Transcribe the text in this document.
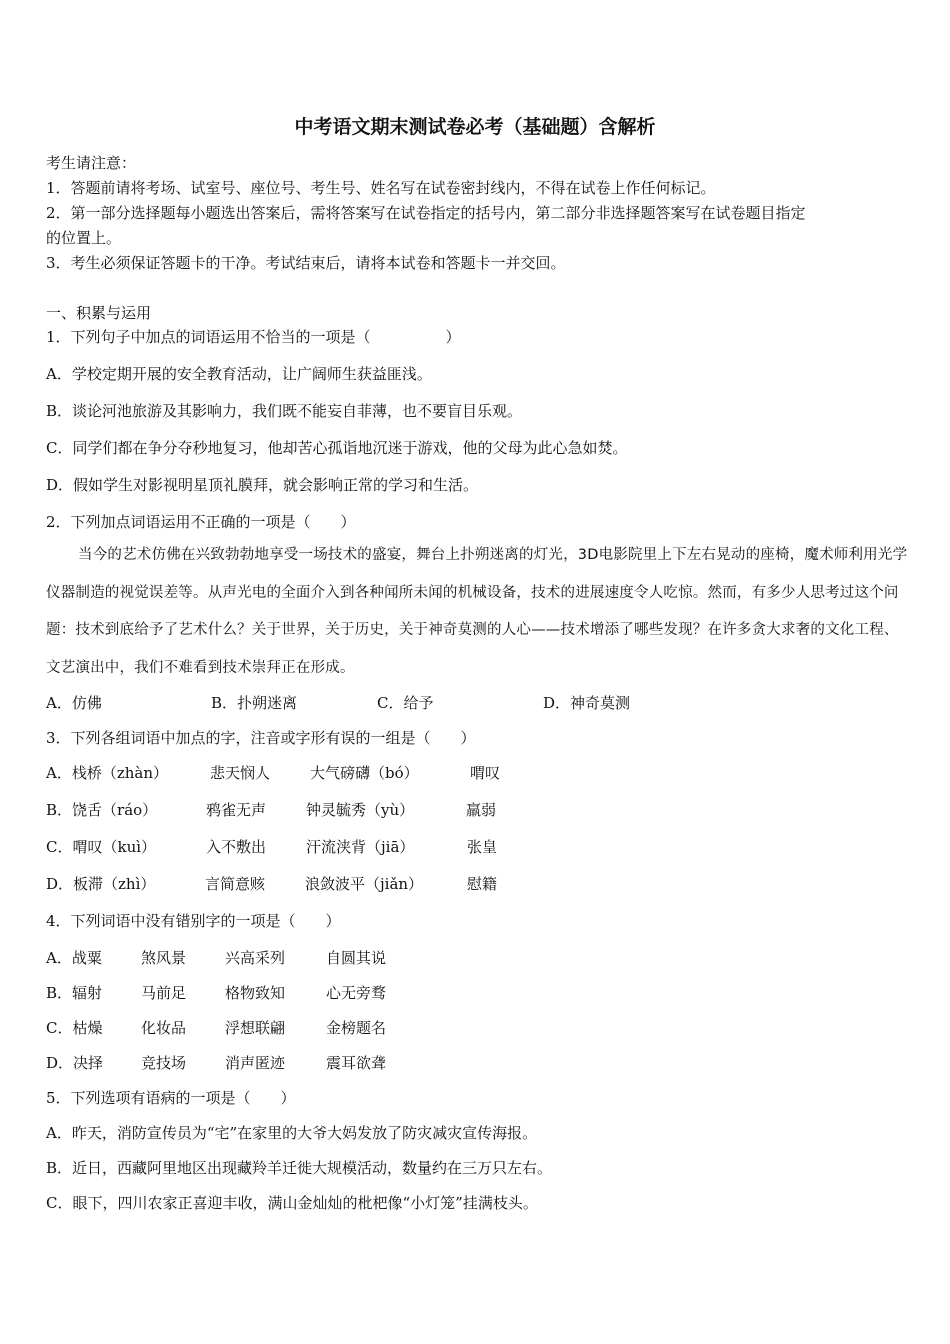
中考语文期末测试卷必考（基础题）含解析
考生请注意：
1．答题前请将考场、试室号、座位号、考生号、姓名写在试卷密封线内，不得在试卷上作任何标记。
2．第一部分选择题每小题选出答案后，需将答案写在试卷指定的括号内，第二部分非选择题答案写在试卷题目指定
的位置上。
3．考生必须保证答题卡的干净。考试结束后，请将本试卷和答题卡一并交回。
一、积累与运用
1．下列句子中加点的词语运用不恰当的一项是（　　　　　）
A．学校定期开展的安全教育活动，让广阔师生获益匪浅。
B．谈论河池旅游及其影响力，我们既不能妄自菲薄，也不要盲目乐观。
C．同学们都在争分夺秒地复习，他却苦心孤诣地沉迷于游戏，他的父母为此心急如焚。
D．假如学生对影视明星顶礼膜拜，就会影响正常的学习和生活。
2．下列加点词语运用不正确的一项是（　　）
当今的艺术仿佛在兴致勃勃地享受一场技术的盛宴，舞台上扑朔迷离的灯光，3D电影院里上下左右晃动的座椅，魔术师利用光学仪器制造的视觉误差等。从声光电的全面介入到各种闻所未闻的机械设备，技术的进展速度令人吃惊。然而，有多少人思考过这个问题：技术到底给予了艺术什么？关于世界，关于历史，关于神奇莫测的人心——技术增添了哪些发现？在许多贪大求奢的文化工程、文艺演出中，我们不难看到技术崇拜正在形成。
A．仿佛	B．扑朔迷离	C．给予	D．神奇莫测
3．下列各组词语中加点的字，注音或字形有误的一组是（　　）
A．栈桥（zhàn）	悲天悯人	大气磅礴（bó）	喟叹
B．饶舌（ráo）	鸦雀无声	钟灵毓秀（yù）	羸弱
C．喟叹（kuì）	入不敷出	汗流浃背（jiā）	张皇
D．板滞（zhì）	言简意赅	浪敛波平（jiǎn）	慰籍
4．下列词语中没有错别字的一项是（　　）
A．战粟	煞风景	兴高采列	自圆其说
B．辐射	马前足	格物致知	心无旁骛
C．枯燥	化妆品	浮想联翩	金榜题名
D．决择	竞技场	消声匿迹	震耳欲聋
5．下列选项有语病的一项是（　　）
A．昨天，消防宣传员为“宅”在家里的大爷大妈发放了防灾减灾宣传海报。
B．近日，西藏阿里地区出现藏羚羊迁徙大规模活动，数量约在三万只左右。
C．眼下，四川农家正喜迎丰收，满山金灿灿的枇杷像“小灯笼”挂满枝头。
